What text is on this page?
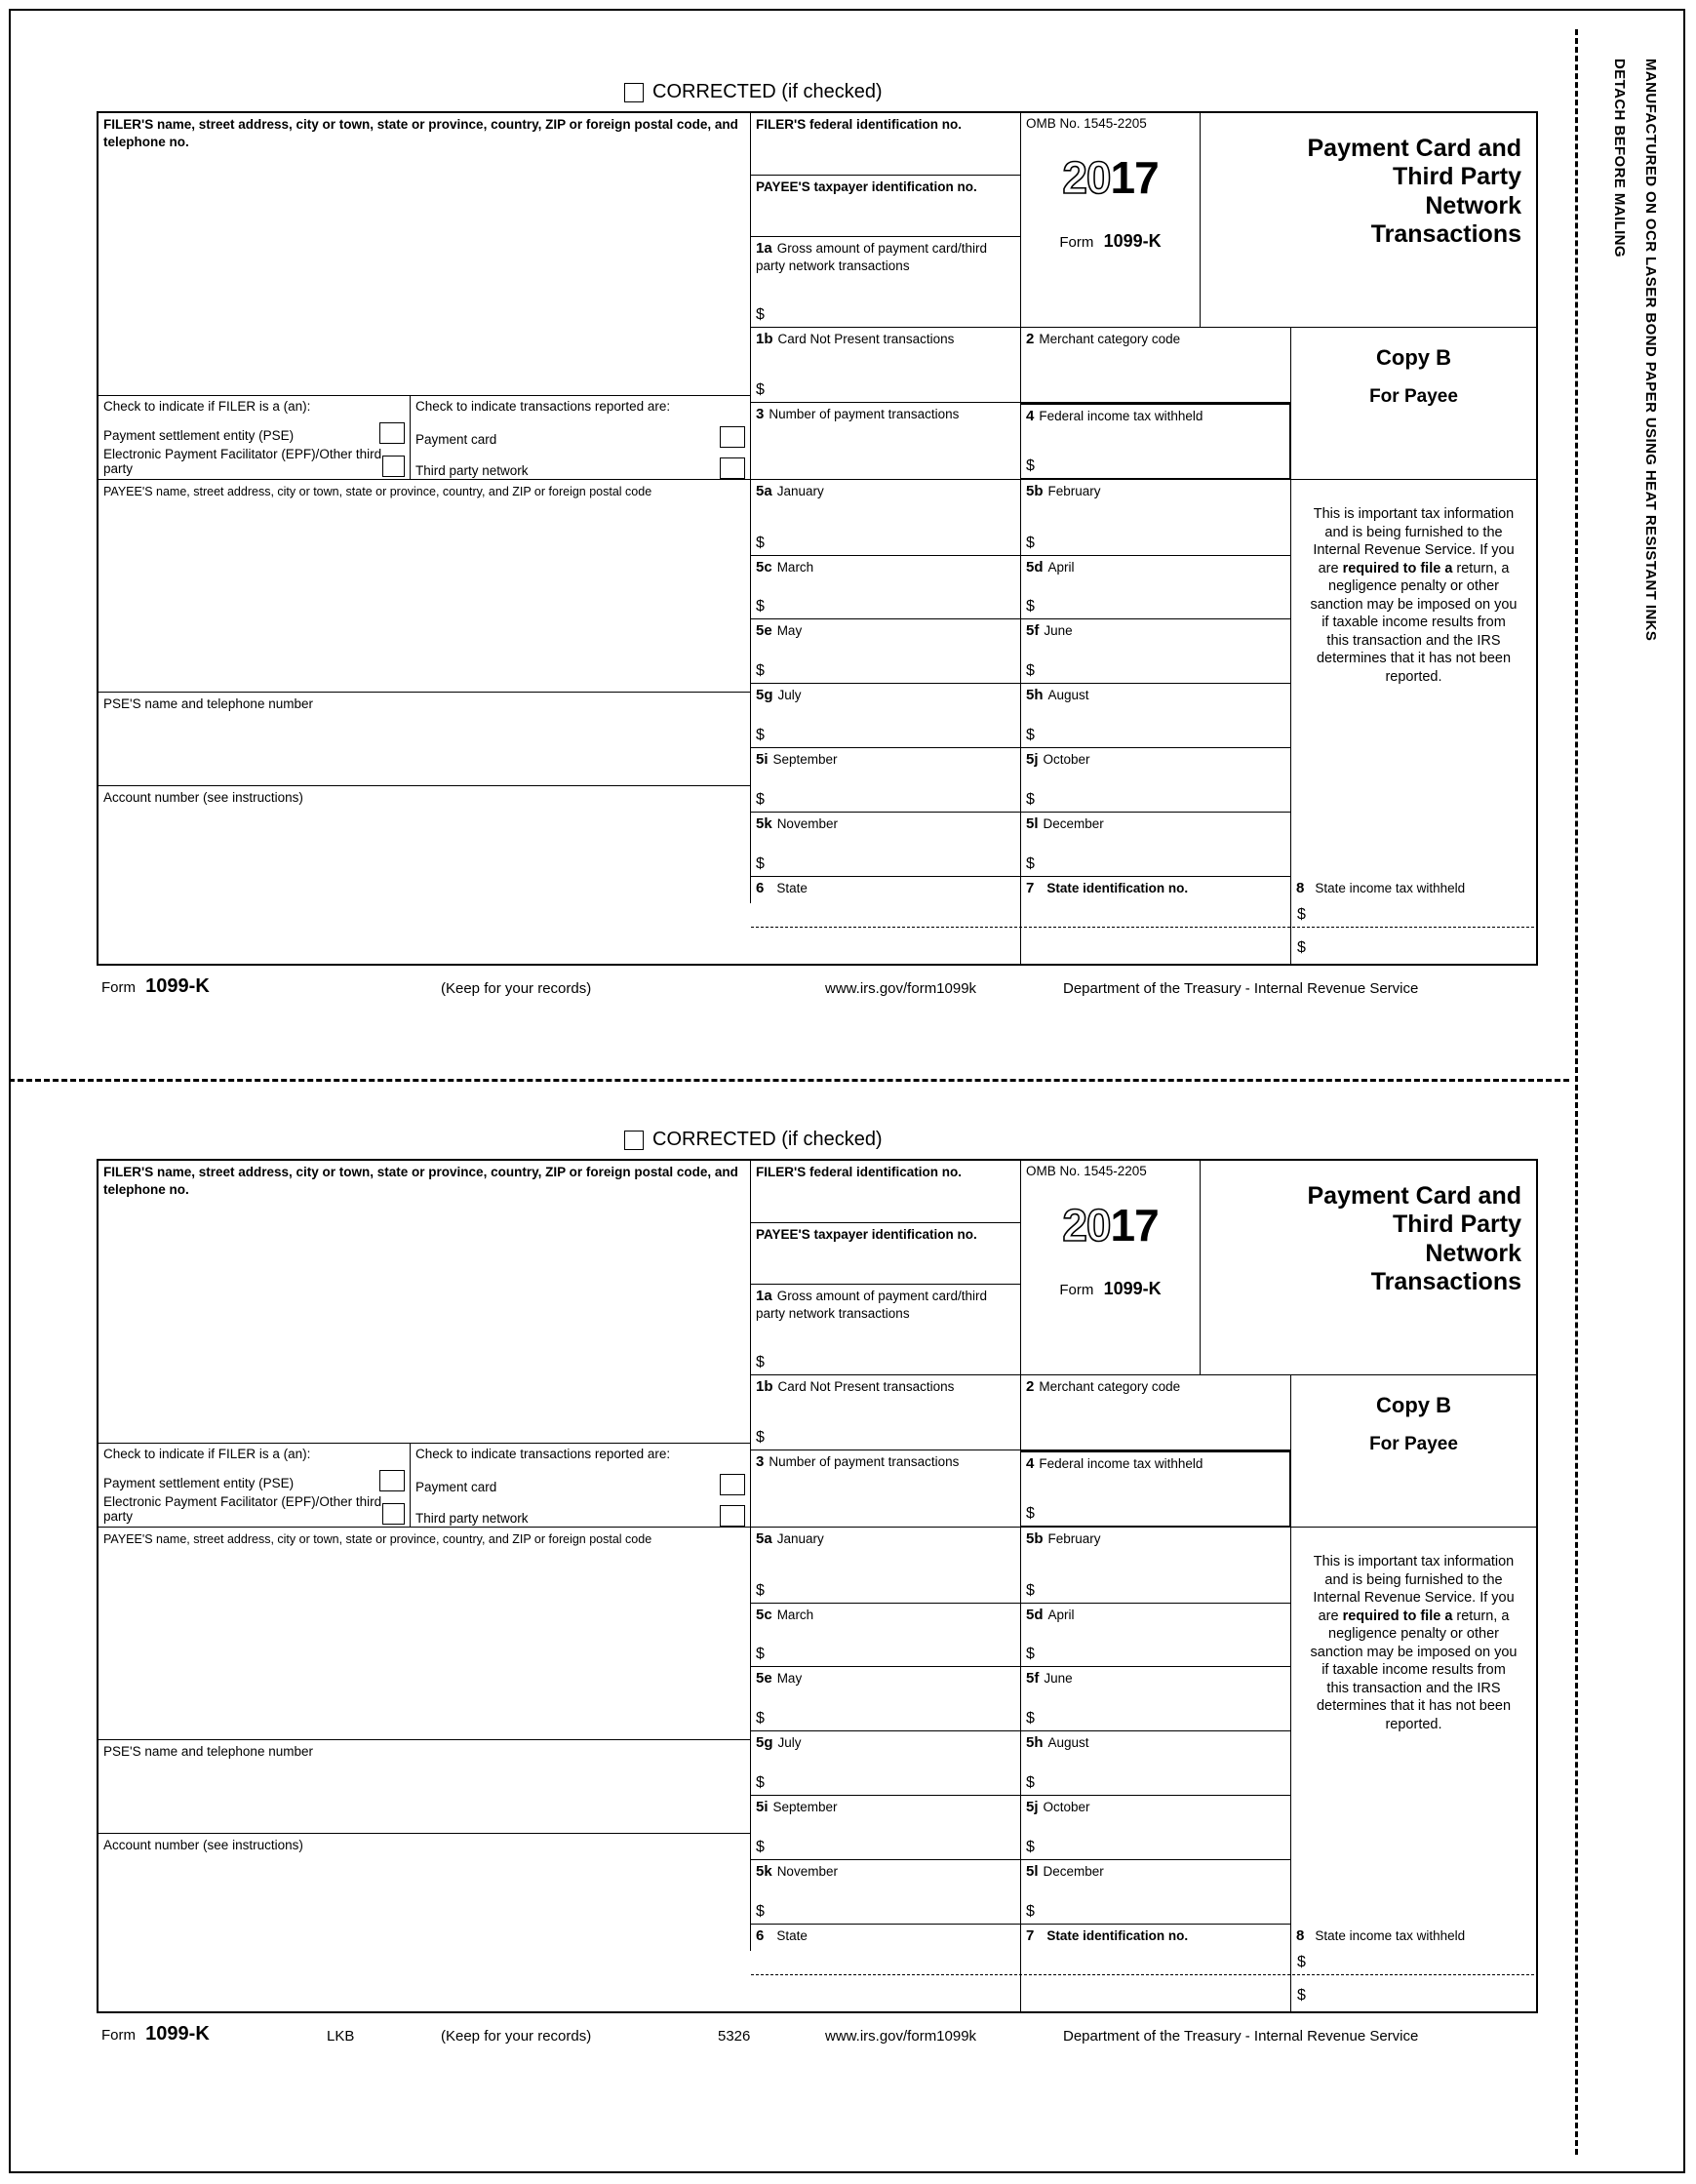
DETACH BEFORE MAILING MANUFACTURED ON OCR LASER BOND PAPER USING HEAT RESISTANT INKS
CORRECTED (if checked)
FILER'S name, street address, city or town, state or province, country, ZIP or foreign postal code, and telephone no.
FILER'S federal identification no.
PAYEE'S taxpayer identification no.
1a Gross amount of payment card/third party network transactions
$
OMB No. 1545-2205
2017
Form 1099-K
Payment Card and
Third Party
Network
Transactions
1b Card Not Present transactions
$
2 Merchant category code
3 Number of payment transactions	4 Federal income tax withheld
$
Copy B
For Payee
Check to indicate if FILER is a (an):
Payment settlement entity (PSE)
Electronic Payment Facilitator (EPF)/Other third party
Check to indicate transactions reported are:
Payment card
Third party network
PAYEE'S name, street address, city or town, state or province, country, and ZIP or foreign postal code
PSE'S name and telephone number
Account number (see instructions)
5a January
$
5b February
$
5c March
$
5d April
$
5e May
$
5f June
$
5g July
$
5h August
$
5i September
$
5j October
$
5k November
$
5l December
$
This is important tax information and is being furnished to the Internal Revenue Service. If you are required to file a return, a negligence penalty or other sanction may be imposed on you if taxable income results from this transaction and the IRS determines that it has not been reported.
6 State	7 State identification no.	8 State income tax withheld
$
$
Form 1099-K	(Keep for your records)	www.irs.gov/form1099k	Department of the Treasury - Internal Revenue Service
CORRECTED (if checked)
FILER'S name, street address, city or town, state or province, country, ZIP or foreign postal code, and telephone no.
FILER'S federal identification no.
PAYEE'S taxpayer identification no.
1a Gross amount of payment card/third party network transactions
$
OMB No. 1545-2205
2017
Form 1099-K
Payment Card and
Third Party
Network
Transactions
1b Card Not Present transactions
$
2 Merchant category code
3 Number of payment transactions	4 Federal income tax withheld
$
Copy B
For Payee
Check to indicate if FILER is a (an):
Payment settlement entity (PSE)
Electronic Payment Facilitator (EPF)/Other third party
Check to indicate transactions reported are:
Payment card
Third party network
PAYEE'S name, street address, city or town, state or province, country, and ZIP or foreign postal code
PSE'S name and telephone number
Account number (see instructions)
5a January
$
5b February
$
5c March
$
5d April
$
5e May
$
5f June
$
5g July
$
5h August
$
5i September
$
5j October
$
5k November
$
5l December
$
This is important tax information and is being furnished to the Internal Revenue Service. If you are required to file a return, a negligence penalty or other sanction may be imposed on you if taxable income results from this transaction and the IRS determines that it has not been reported.
6 State	7 State identification no.	8 State income tax withheld
$
$
Form 1099-K	LKB	(Keep for your records)	5326	www.irs.gov/form1099k	Department of the Treasury - Internal Revenue Service
